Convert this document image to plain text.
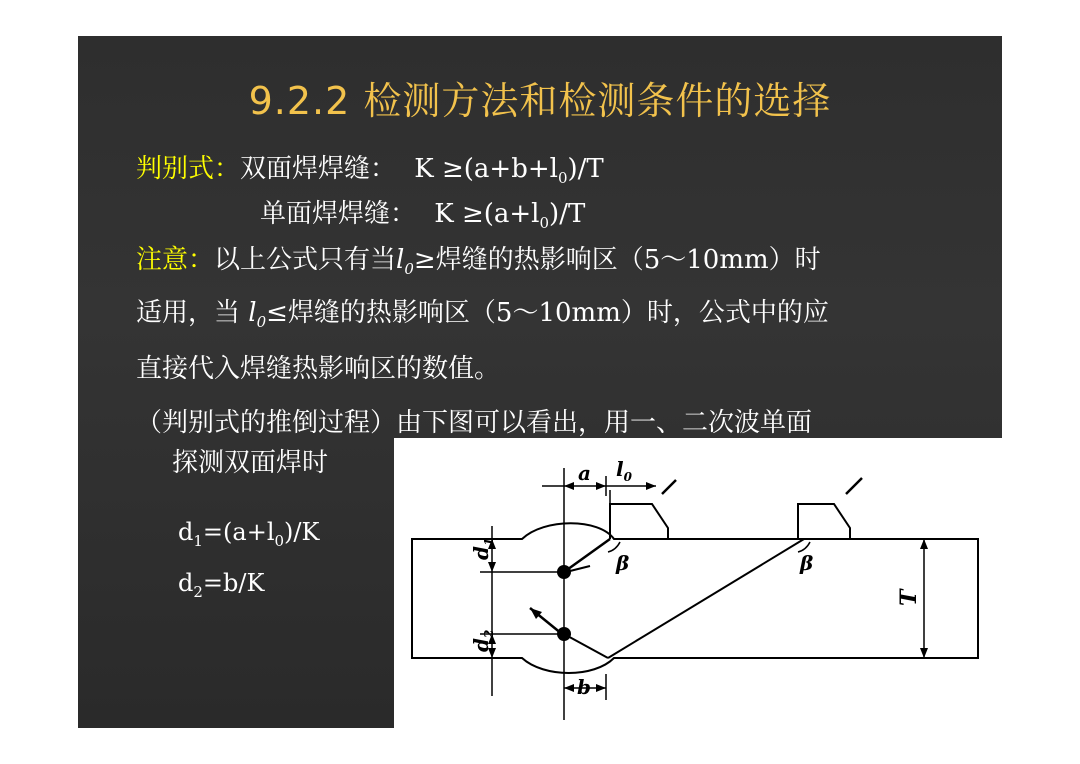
9.2.2 检测方法和检测条件的选择
判别式：双面焊焊缝： $K \ge(a+b+l_0)/T$
单面焊焊缝： $K \ge(a+l_0)/T$
注意：以上公式只有当$l_0\ge$焊缝的热影响区（5～10mm）时
适用，当 $l_0\le$焊缝的热影响区（5～10mm）时，公式中的应
直接代入焊缝热影响区的数值。
（判别式的推倒过程）由下图可以看出，用一、二次波单面
探测双面焊时
$d_1=(a+l_0)/K$
$d_2=b/K$
a $l_0$
β	β
$d_1$
$d_2$
b
T
